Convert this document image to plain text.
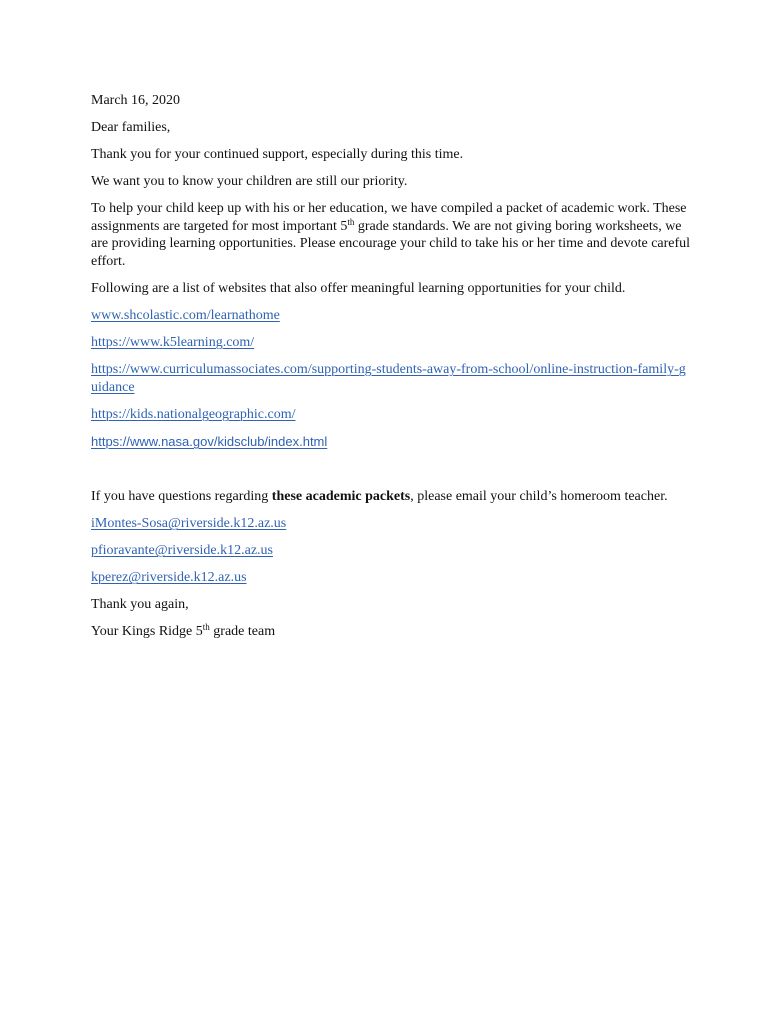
March 16, 2020

Dear families,

Thank you for your continued support, especially during this time.

We want you to know your children are still our priority.

To help your child keep up with his or her education, we have compiled a packet of academic work. These assignments are targeted for most important 5th grade standards. We are not giving boring worksheets, we are providing learning opportunities. Please encourage your child to take his or her time and devote careful effort.

Following are a list of websites that also offer meaningful learning opportunities for your child.

www.shcolastic.com/learnathome

https://www.k5learning.com/

https://www.curriculumassociates.com/supporting-students-away-from-school/online-instruction-family-guidance

https://kids.nationalgeographic.com/

https://www.nasa.gov/kidsclub/index.html

If you have questions regarding these academic packets, please email your child’s homeroom teacher.

iMontes-Sosa@riverside.k12.az.us

pfioravante@riverside.k12.az.us

kperez@riverside.k12.az.us

Thank you again,

Your Kings Ridge 5th grade team
